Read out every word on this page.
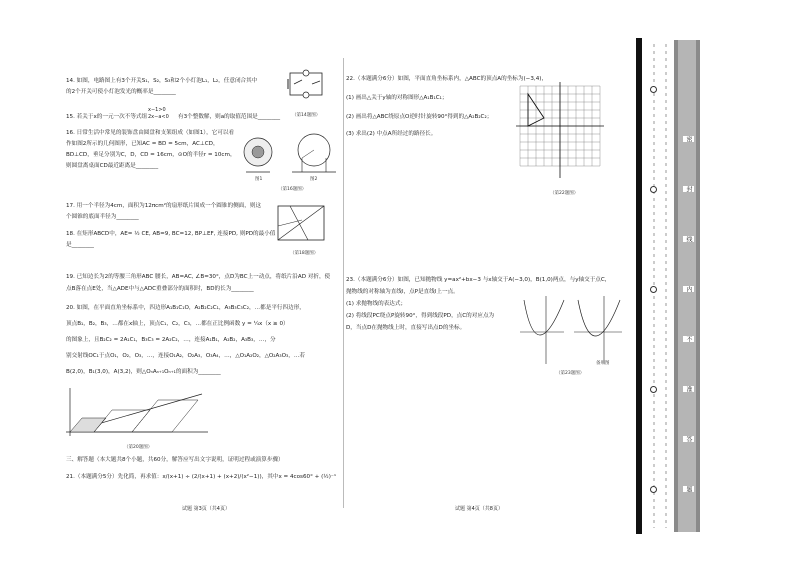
14. 如图，电路图上有3个开关S₁，S₂，S₃和2个小灯泡L₁，L₂，任意闭合其中
的2个开关可使小灯泡发光的概率是________
（第14题图）
15. 若关于x的一元一次不等式组
x−1>0
2x−a<0 有3个整数解，则a的取值范围是________
16. 日常生活中常见的装饰盘由圆盘和支架组成（如图1），它可以看
作如图2所示的几何图形，已知AC = BD = 5cm，AC⊥CD，
BD⊥CD，垂足分别为C，D，CD = 16cm，⊙O的半径r = 10cm，
则圆盘离桌面CD最近距离是________
图1	图2
（第16题图）
17. 用一个半径为4cm，面积为12πcm²的扇形纸片围成一个圆锥的侧面，则这
个圆锥的底面半径为________
18. 在矩形ABCD中，AE= ½ CE, AB=9, BC=12, BP⊥EF, 连接PD, 则PD的最小值
是________
（第18题图）
19. 已知边长为2的等腰三角形ABC 腰长，AB=AC, ∠B=30°，点D为BC上一动点，将纸片沿AD 对折，使
点B落在点E处，当△ADE中与△ADC重叠部分的面积时，BD的长为________
20. 如图，在平面直角坐标系中，四边形A₁B₁C₁O，A₂B₂C₂C₁，A₃B₃C₃C₂，…都是平行四边形，
顶点B₁，B₂，B₃，…都在x轴上，顶点C₁，C₂，C₃，…都在正比例函数 y = ¼x（x ≥ 0）
的图象上，且B₂C₂ = 2A₁C₁，B₃C₃ = 2A₂C₂，…，连接A₁B₁，A₂B₂，A₃B₃，…，分
别交射线OC₁于点O₁，O₂，O₃，…，连接O₁A₂，O₂A₃，O₃A₄，…，△O₁A₂O₂，△O₂A₃O₃，…若
B(2,0)，B₁(3,0)，A(3,2)，则△OₙAₙ₊₁Oₙ₊₁的面积为________
（第20题图）
三、解答题（本大题共8个小题，共60分，解答应写出文字说明，证明过程或演算步骤）
21.（本题满分5分）先化简，再求值：x/(x+1) ÷ (2/(x+1) + (x+2)/(x²−1))，其中x = 4cos60° + (½)⁻¹
试题 第3页（共4页）
22.（本题满分6分）如图，平面直角坐标系内，△ABC的顶点A的坐标为(−3,4)，
(1) 画出△关于y轴的对称图形△A₁B₁C₁；
(2) 画出将△ABC绕原点O逆时针旋转90°得到的△A₂B₂C₂；
(3) 求出(2) 中点A所经过的路径长。
（第22题图）
23.（本题满分6分）如图，已知抛物线 y=ax²+bx−3 与x轴交于A(−3,0)，B(1,0)两点，与y轴交于点C，
抛物线的对称轴为直线l，点P是直线l上一点。
(1) 求抛物线的表达式；
(2) 将线段PC绕点P旋转90°，得到线段PD，点C的对应点为
D，当点D在抛物线上时，直接写出点D的坐标。
（第23题图）
备用图
试题 第4页（共8页）
密
封
线
内
不
准
答
题
